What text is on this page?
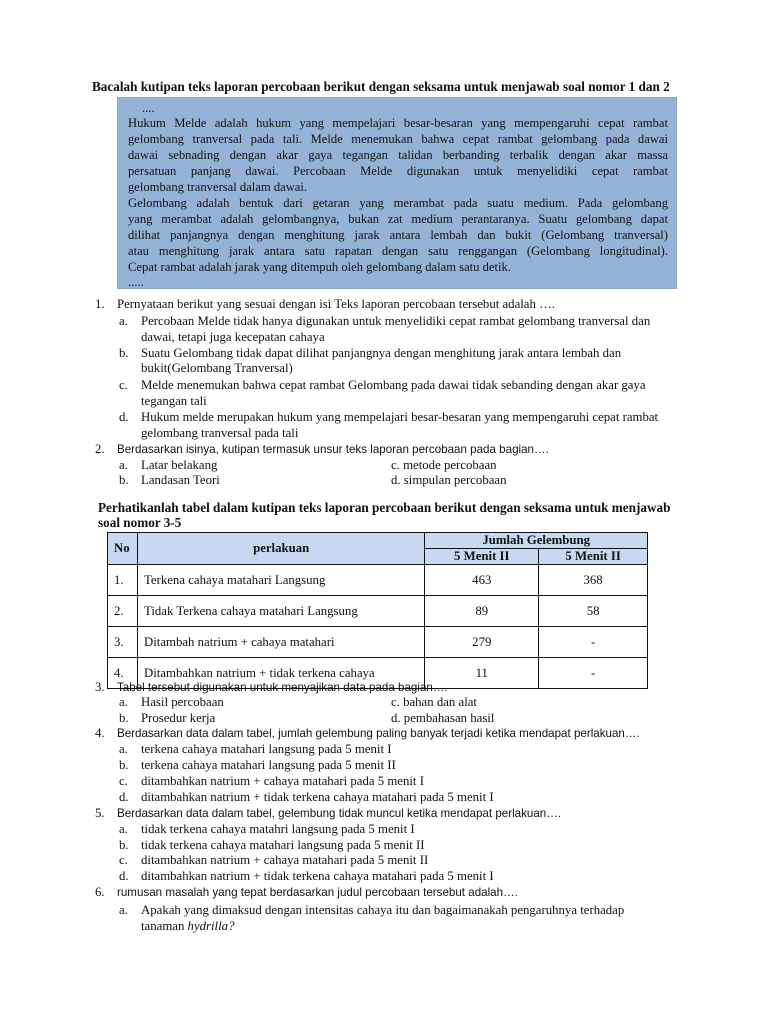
Bacalah kutipan teks laporan percobaan berikut dengan seksama untuk menjawab soal nomor 1 dan 2
....
Hukum Melde adalah hukum yang mempelajari besar-besaran yang mempengaruhi cepat rambat
gelombang tranversal pada tali. Melde menemukan bahwa cepat rambat gelombang pada dawai
dawai sebnading dengan akar gaya tegangan talidan berbanding terbalik dengan akar massa
persatuan panjang dawai. Percobaan Melde digunakan untuk menyelidiki cepat rambat
gelombang tranversal dalam dawai.
Gelombang adalah bentuk dari getaran yang merambat pada suatu medium. Pada gelombang
yang merambat adalah gelombangnya, bukan zat medium perantaranya. Suatu gelombang dapat
dilihat panjangnya dengan menghitung jarak antara lembah dan bukit (Gelombang tranversal)
atau menghitung jarak antara satu rapatan dengan satu renggangan (Gelombang longitudinal).
Cepat rambat adalah jarak yang ditempuh oleh gelombang dalam satu detik.
.....
1. Pernyataan berikut yang sesuai dengan isi Teks laporan percobaan tersebut adalah ….
a. Percobaan Melde tidak hanya digunakan untuk menyelidiki cepat rambat gelombang tranversal dan
dawai, tetapi juga kecepatan cahaya
b. Suatu Gelombang tidak dapat dilihat panjangnya dengan menghitung jarak antara lembah dan
bukit(Gelombang Tranversal)
c. Melde menemukan bahwa cepat rambat Gelombang pada dawai tidak sebanding dengan akar gaya
tegangan tali
d. Hukum melde merupakan hukum yang mempelajari besar-besaran yang mempengaruhi cepat rambat
gelombang tranversal pada tali
2. Berdasarkan isinya, kutipan termasuk unsur teks laporan percobaan pada bagian….
a. Latar belakang	c. metode percobaan
b. Landasan Teori	d. simpulan percobaan
Perhatikanlah tabel dalam kutipan teks laporan percobaan berikut dengan seksama untuk menjawab
soal nomor 3-5
No	perlakuan	Jumlah Gelembung	
		5 Menit II	5 Menit II
1.	Terkena cahaya matahari Langsung	463	368
2.	Tidak Terkena cahaya matahari Langsung	89	58
3.	Ditambah natrium + cahaya matahari	279	-
4.	Ditambahkan natrium + tidak terkena cahaya	11	-
3. Tabel tersebut digunakan untuk menyajikan data pada bagian….
a. Hasil percobaan	c. bahan dan alat
b. Prosedur kerja	d. pembahasan hasil
4. Berdasarkan data dalam tabel, jumlah gelembung paling banyak terjadi ketika mendapat perlakuan….
a. terkena cahaya matahari langsung pada 5 menit I
b. terkena cahaya matahari langsung pada 5 menit II
c. ditambahkan natrium + cahaya matahari pada 5 menit I
d. ditambahkan natrium + tidak terkena cahaya matahari pada 5 menit I
5. Berdasarkan data dalam tabel, gelembung tidak muncul ketika mendapat perlakuan….
a. tidak terkena cahaya matahri langsung pada 5 menit I
b. tidak terkena cahaya matahari langsung pada 5 menit II
c. ditambahkan natrium + cahaya matahari pada 5 menit II
d. ditambahkan natrium + tidak terkena cahaya matahari pada 5 menit I
6. rumusan masalah yang tepat berdasarkan judul percobaan tersebut adalah….
a. Apakah yang dimaksud dengan intensitas cahaya itu dan bagaimanakah pengaruhnya terhadap
tanaman hydrilla?
